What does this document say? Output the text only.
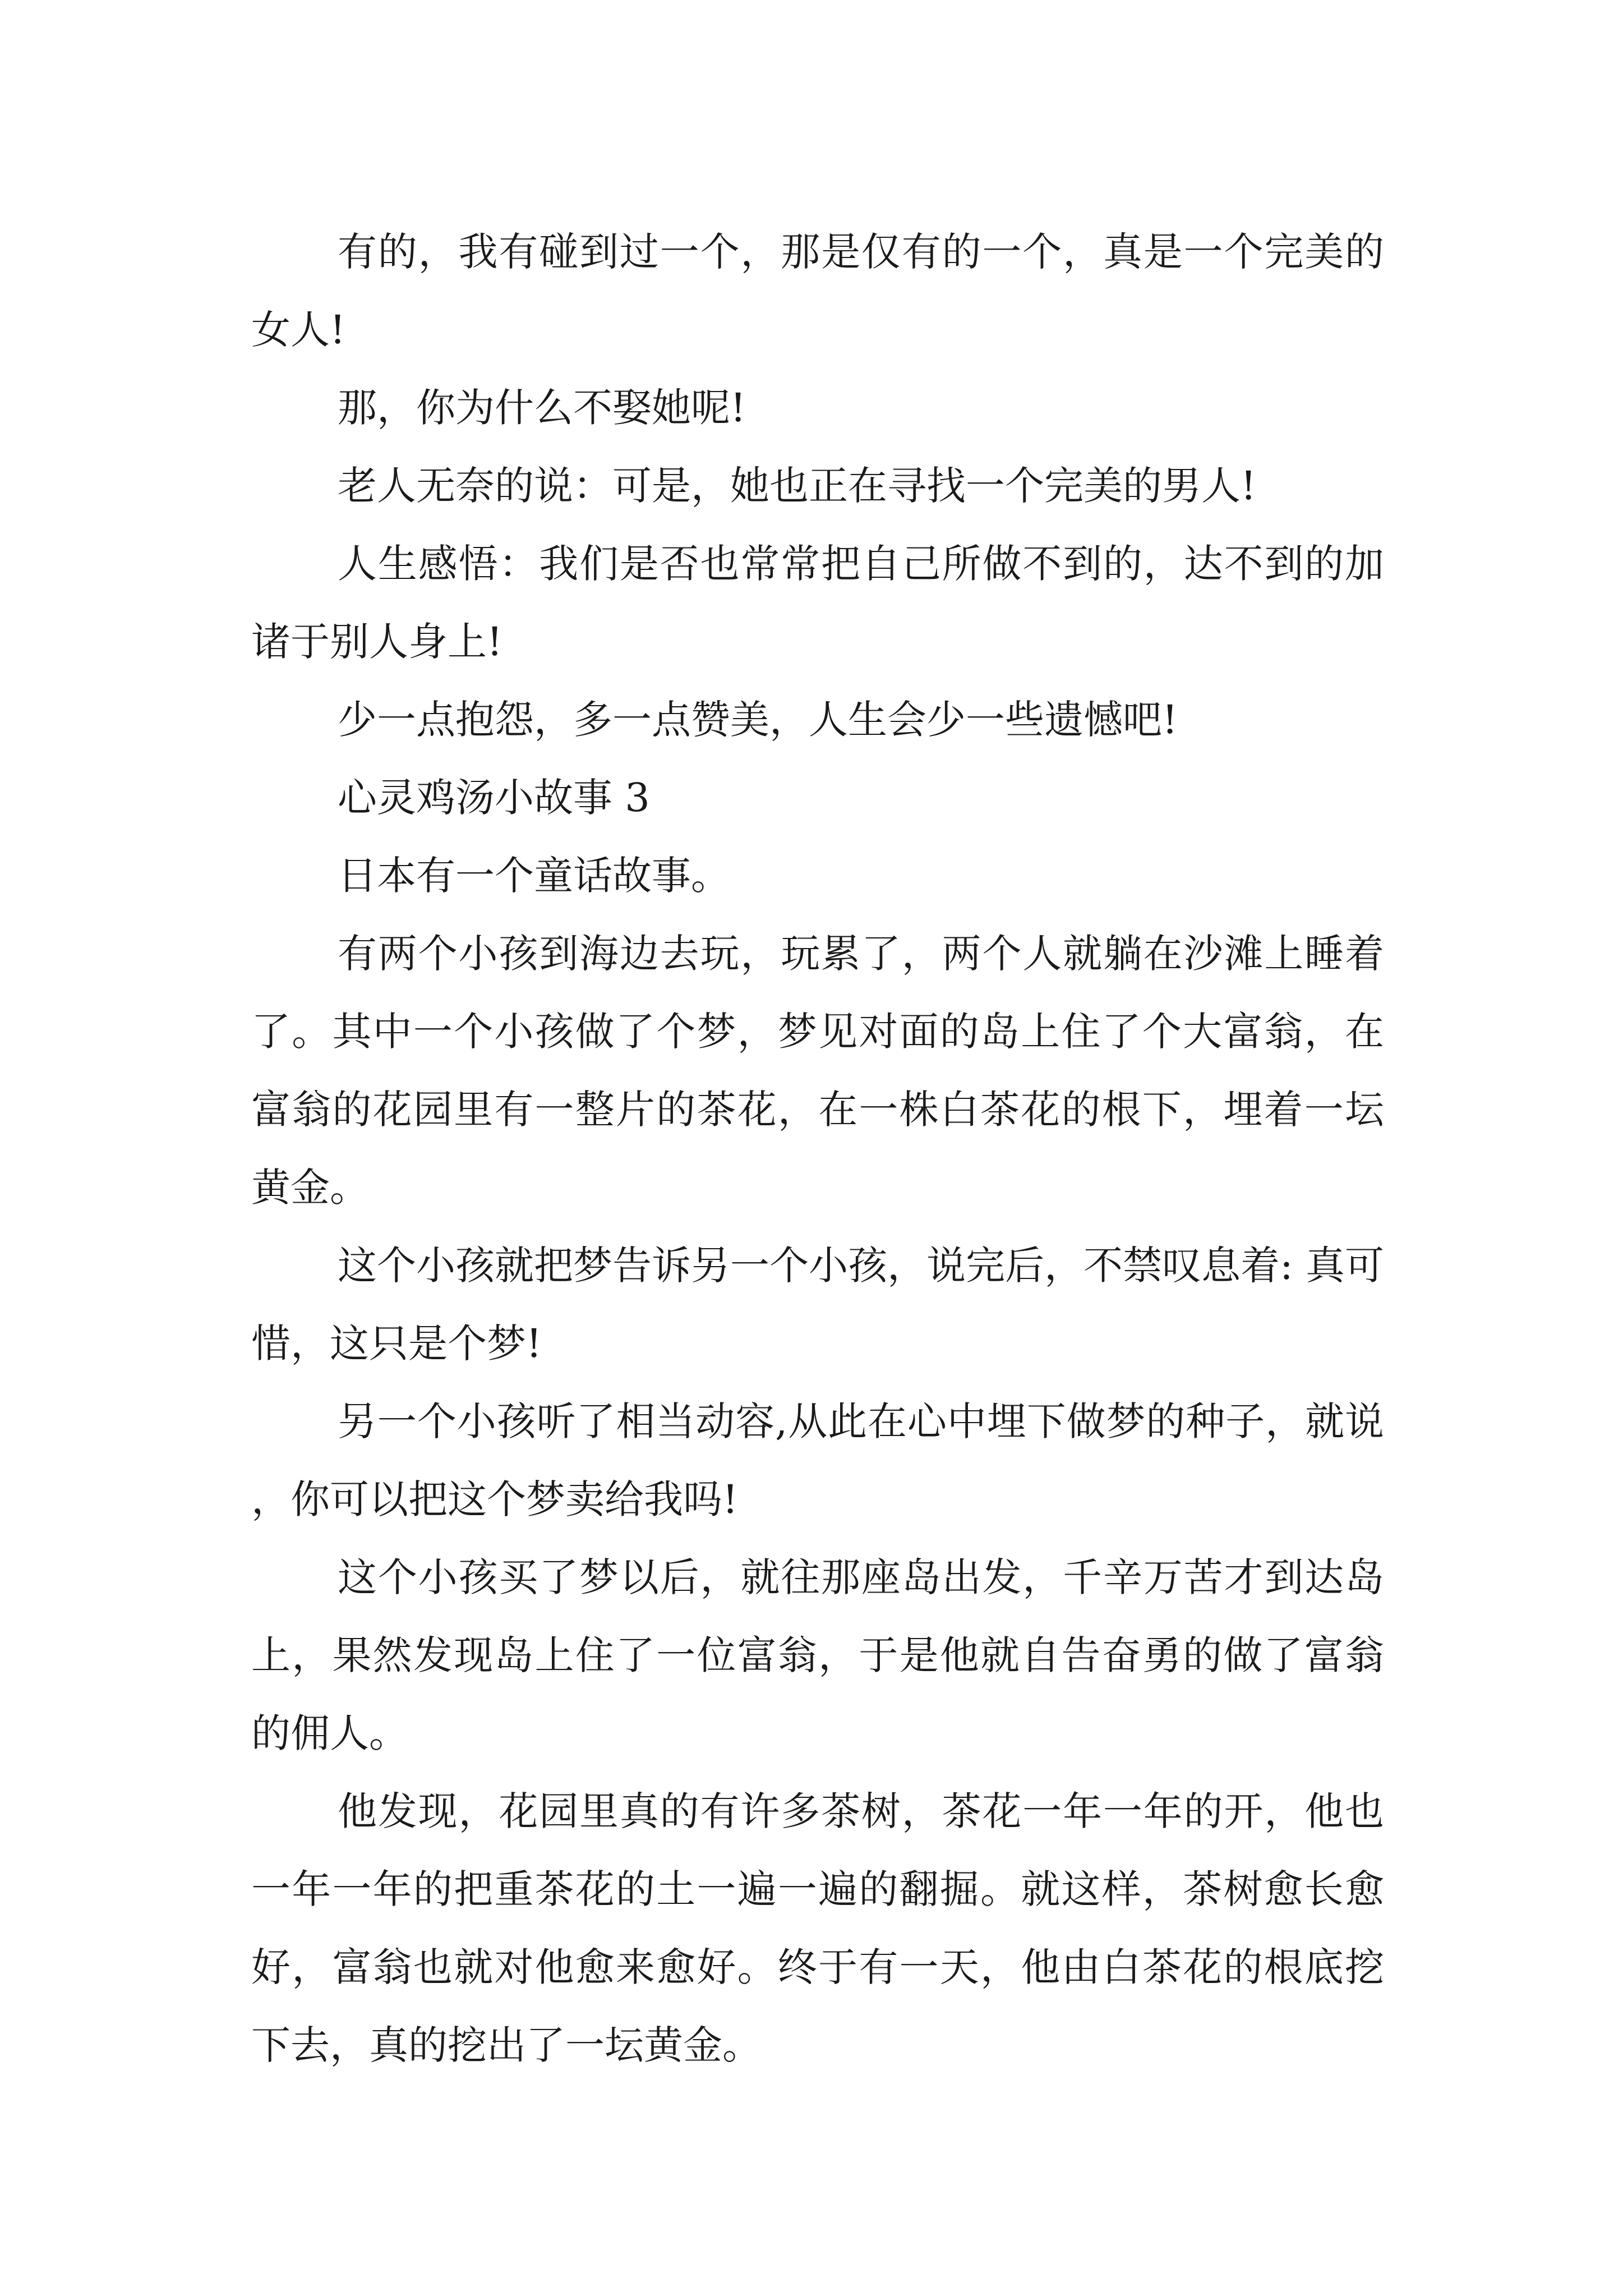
有的，我有碰到过一个，那是仅有的一个，真是一个完美的女人!

那，你为什么不娶她呢!

老人无奈的说：可是，她也正在寻找一个完美的男人!

人生感悟：我们是否也常常把自己所做不到的，达不到的加诸于别人身上!

少一点抱怨，多一点赞美，人生会少一些遗憾吧!

心灵鸡汤小故事 3

日本有一个童话故事。

有两个小孩到海边去玩，玩累了，两个人就躺在沙滩上睡着了。其中一个小孩做了个梦，梦见对面的岛上住了个大富翁，在富翁的花园里有一整片的茶花，在一株白茶花的根下，埋着一坛黄金。

这个小孩就把梦告诉另一个小孩，说完后，不禁叹息着: 真可惜，这只是个梦!

另一个小孩听了相当动容,从此在心中埋下做梦的种子，就说，你可以把这个梦卖给我吗!

这个小孩买了梦以后，就往那座岛出发，千辛万苦才到达岛上，果然发现岛上住了一位富翁，于是他就自告奋勇的做了富翁的佣人。

他发现，花园里真的有许多茶树，茶花一年一年的开，他也一年一年的把重茶花的土一遍一遍的翻掘。就这样，茶树愈长愈好，富翁也就对他愈来愈好。终于有一天，他由白茶花的根底挖下去，真的挖出了一坛黄金。
